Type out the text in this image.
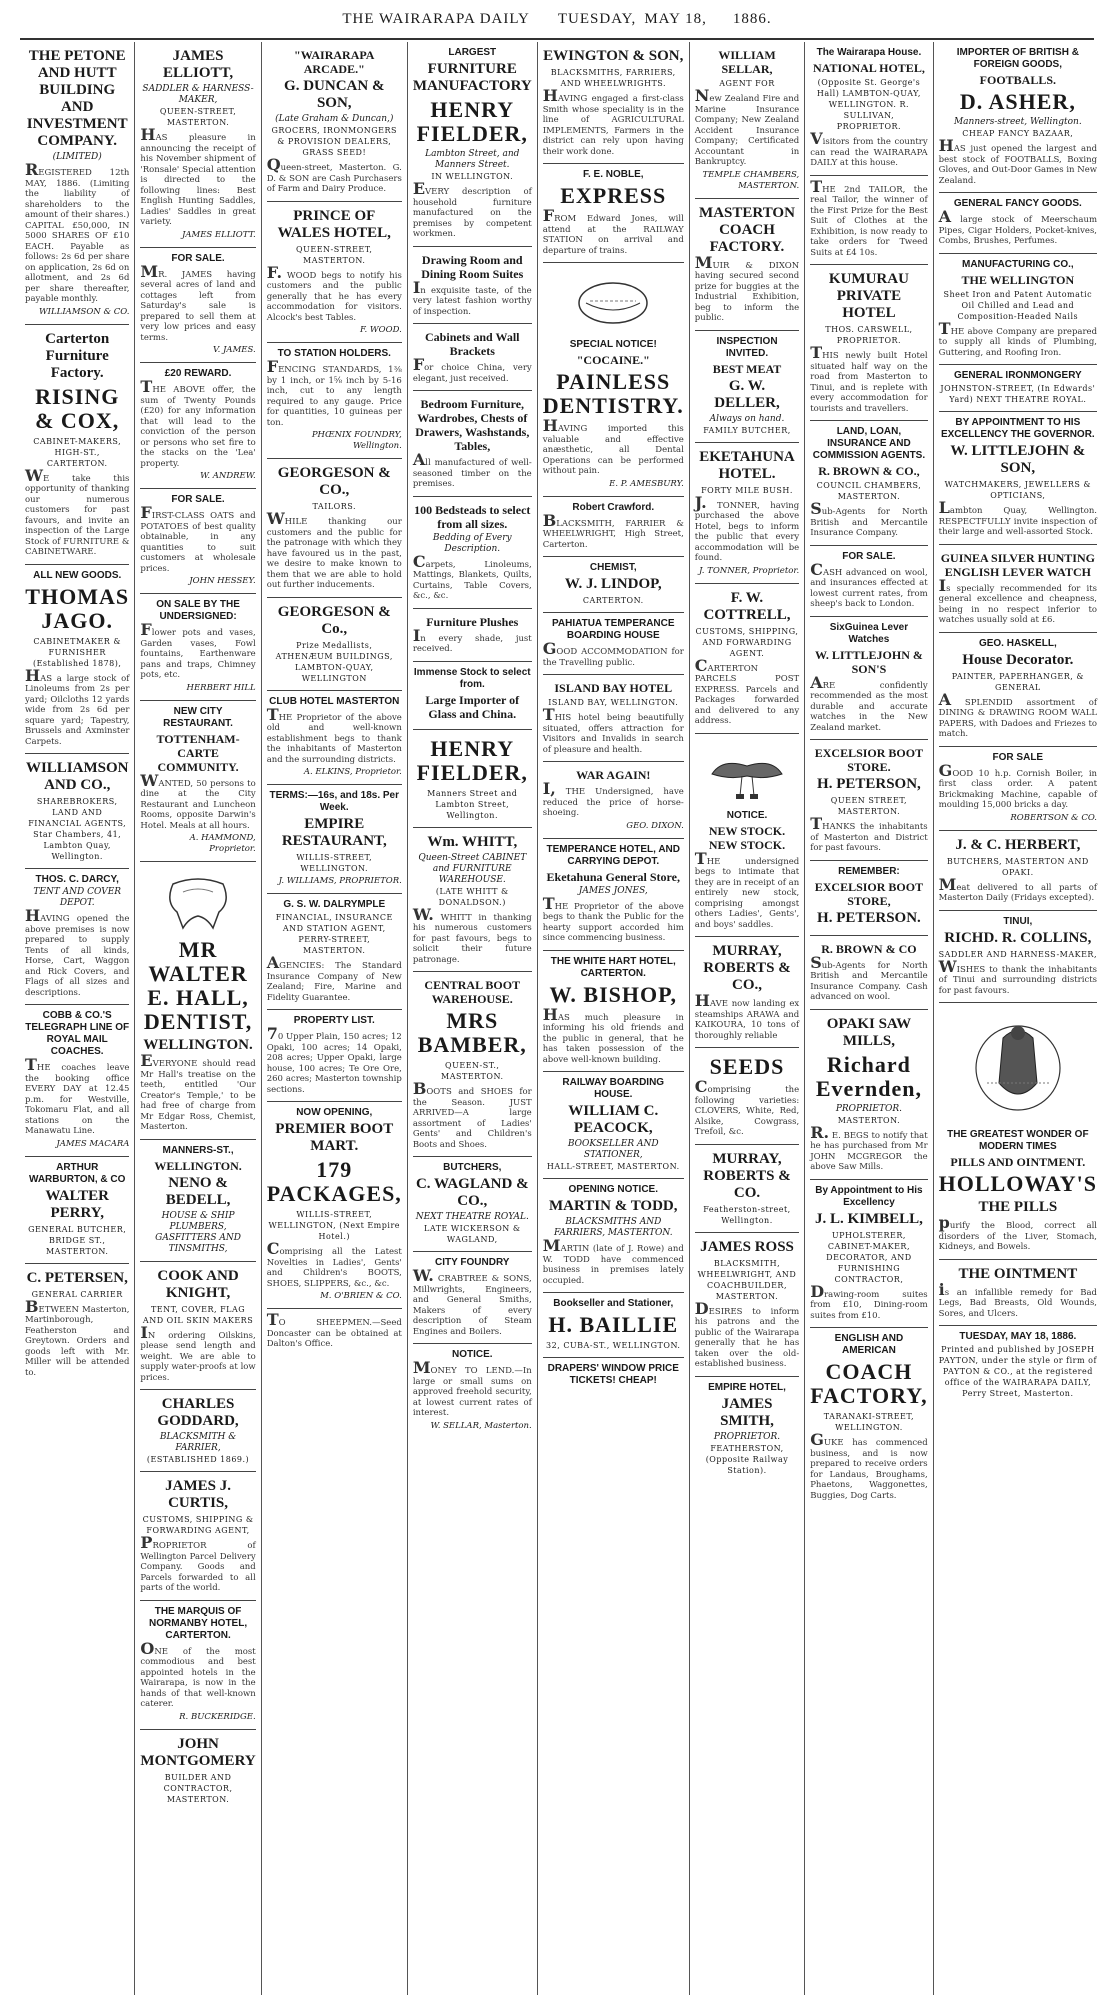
THE WAIRARAPA DAILY TUESDAY, MAY 18, 1886.
THE PETONE AND HUTT BUILDING AND INVESTMENT COMPANY.
(LIMITED)
REGISTERED 12th MAY, 1886. (Limiting the liability of shareholders to the amount of their shares.) CAPITAL £50,000, IN 5000 SHARES OF £10 EACH. Payable as follows: 2s 6d per share on application, 2s 6d on allotment, and 2s 6d per share thereafter, payable monthly.
WILLIAMSON & CO.
Carterton Furniture Factory.
RISING & COX,
CABINET-MAKERS, HIGH-ST., CARTERTON.
WE take this opportunity of thanking our numerous customers for past favours, and invite an inspection of the Large Stock of FURNITURE & CABINETWARE.
ALL NEW GOODS.
THOMAS JAGO.
CABINETMAKER & FURNISHER (Established 1878),
HAS a large stock of Linoleums from 2s per yard; Oilcloths 12 yards wide from 2s 6d per square yard; Tapestry, Brussels and Axminster Carpets.
WILLIAMSON AND CO.,
SHAREBROKERS, LAND AND FINANCIAL AGENTS, Star Chambers, 41, Lambton Quay, Wellington.
THOS. C. DARCY,
TENT AND COVER DEPOT.
HAVING opened the above premises is now prepared to supply Tents of all kinds, Horse, Cart, Waggon and Rick Covers, and Flags of all sizes and descriptions.
COBB & CO.'S TELEGRAPH LINE OF ROYAL MAIL COACHES.
THE coaches leave the booking office EVERY DAY at 12.45 p.m. for Westville, Tokomaru Flat, and all stations on the Manawatu Line.
JAMES MACARA
ARTHUR WARBURTON, & CO
WALTER PERRY,
GENERAL BUTCHER, BRIDGE ST., MASTERTON.
C. PETERSEN,
GENERAL CARRIER
BETWEEN Masterton, Martinborough, Featherston and Greytown. Orders and goods left with Mr. Miller will be attended to.
JAMES ELLIOTT,
SADDLER & HARNESS-MAKER,
QUEEN-STREET, MASTERTON.
HAS pleasure in announcing the receipt of his November shipment of 'Ronsale' Special attention is directed to the following lines: Best English Hunting Saddles, Ladies' Saddles in great variety.
JAMES ELLIOTT.
FOR SALE.
MR. JAMES having several acres of land and cottages left from Saturday's sale is prepared to sell them at very low prices and easy terms.
V. JAMES.
£20 REWARD.
THE ABOVE offer, the sum of Twenty Pounds (£20) for any information that will lead to the conviction of the person or persons who set fire to the stacks on the 'Lea' property.
W. ANDREW.
FOR SALE.
FIRST-CLASS OATS and POTATOES of best quality obtainable, in any quantities to suit customers at wholesale prices.
JOHN HESSEY.
ON SALE BY THE UNDERSIGNED:
Flower pots and vases, Garden vases, Fowl fountains, Earthenware pans and traps, Chimney pots, etc.
HERBERT HILL
NEW CITY RESTAURANT.
TOTTENHAM-CARTE COMMUNITY.
WANTED, 50 persons to dine at the City Restaurant and Luncheon Rooms, opposite Darwin's Hotel. Meals at all hours.
A. HAMMOND, Proprietor.
MR WALTER E. HALL, DENTIST,
WELLINGTON.
EVERYONE should read Mr Hall's treatise on the teeth, entitled 'Our Creator's Temple,' to be had free of charge from Mr Edgar Ross, Chemist, Masterton.
MANNERS-ST.,
WELLINGTON.
NENO & BEDELL,
HOUSE & SHIP PLUMBERS, GASFITTERS AND TINSMITHS,
COOK AND KNIGHT,
TENT, COVER, FLAG AND OIL SKIN MAKERS
IN ordering Oilskins, please send length and weight. We are able to supply water-proofs at low prices.
CHARLES GODDARD,
BLACKSMITH & FARRIER,
(ESTABLISHED 1869.)
JAMES J. CURTIS,
CUSTOMS, SHIPPING & FORWARDING AGENT,
PROPRIETOR of Wellington Parcel Delivery Company. Goods and Parcels forwarded to all parts of the world.
THE MARQUIS OF NORMANBY HOTEL, CARTERTON.
ONE of the most commodious and best appointed hotels in the Wairarapa, is now in the hands of that well-known caterer.
R. BUCKERIDGE.
JOHN MONTGOMERY
BUILDER AND CONTRACTOR, MASTERTON.
"WAIRARAPA ARCADE."
G. DUNCAN & SON,
(Late Graham & Duncan,)
GROCERS, IRONMONGERS & PROVISION DEALERS, GRASS SEED!
Queen-street, Masterton. G. D. & SON are Cash Purchasers of Farm and Dairy Produce.
PRINCE OF WALES HOTEL,
QUEEN-STREET, MASTERTON.
F. WOOD begs to notify his customers and the public generally that he has every accommodation for visitors. Alcock's best Tables.
F. WOOD.
TO STATION HOLDERS.
FENCING STANDARDS, 1⅜ by 1 inch, or 1⅝ inch by 5-16 inch, cut to any length required to any gauge. Price for quantities, 10 guineas per ton.
PHŒNIX FOUNDRY, Wellington.
GEORGESON & CO.,
TAILORS.
WHILE thanking our customers and the public for the patronage with which they have favoured us in the past, we desire to make known to them that we are able to hold out further inducements.
GEORGESON & Co.,
Prize Medallists, ATHENÆUM BUILDINGS, LAMBTON-QUAY, WELLINGTON
CLUB HOTEL MASTERTON
THE Proprietor of the above old and well-known establishment begs to thank the inhabitants of Masterton and the surrounding districts.
A. ELKINS, Proprietor.
TERMS:—16s, and 18s. Per Week.
EMPIRE RESTAURANT,
WILLIS-STREET, WELLINGTON.
J. WILLIAMS, PROPRIETOR.
G. S. W. DALRYMPLE
FINANCIAL, INSURANCE AND STATION AGENT, PERRY-STREET, MASTERTON.
AGENCIES: The Standard Insurance Company of New Zealand; Fire, Marine and Fidelity Guarantee.
PROPERTY LIST.
70 Upper Plain, 150 acres; 12 Opaki, 100 acres; 14 Opaki, 208 acres; Upper Opaki, large house, 100 acres; Te Ore Ore, 260 acres; Masterton township sections.
NOW OPENING,
PREMIER BOOT MART.
179 PACKAGES,
WILLIS-STREET, WELLINGTON, (Next Empire Hotel.)
Comprising all the Latest Novelties in Ladies', Gents' and Children's BOOTS, SHOES, SLIPPERS, &c., &c.
M. O'BRIEN & CO.
TO SHEEPMEN.—Seed Doncaster can be obtained at Dalton's Office.
LARGEST
FURNITURE MANUFACTORY
HENRY FIELDER,
Lambton Street, and Manners Street.
IN WELLINGTON.
EVERY description of household furniture manufactured on the premises by competent workmen.
Drawing Room and Dining Room Suites
In exquisite taste, of the very latest fashion worthy of inspection.
Cabinets and Wall Brackets
For choice China, very elegant, just received.
Bedroom Furniture, Wardrobes, Chests of Drawers, Washstands, Tables,
All manufactured of well-seasoned timber on the premises.
100 Bedsteads to select from all sizes.
Bedding of Every Description.
Carpets, Linoleums, Mattings, Blankets, Quilts, Curtains, Table Covers, &c., &c.
Furniture Plushes
In every shade, just received.
Immense Stock to select from.
Large Importer of Glass and China.
HENRY FIELDER,
Manners Street and Lambton Street, Wellington.
Wm. WHITT,
Queen-Street CABINET and FURNITURE WAREHOUSE.
(LATE WHITT & DONALDSON.)
W. WHITT in thanking his numerous customers for past favours, begs to solicit their future patronage.
CENTRAL BOOT WAREHOUSE.
MRS BAMBER,
QUEEN-ST., MASTERTON.
BOOTS and SHOES for the Season. JUST ARRIVED—A large assortment of Ladies' Gents' and Children's Boots and Shoes.
BUTCHERS,
C. WAGLAND & CO.,
NEXT THEATRE ROYAL.
LATE WICKERSON & WAGLAND,
CITY FOUNDRY
W. CRABTREE & SONS, Millwrights, Engineers, and General Smiths, Makers of every description of Steam Engines and Boilers.
NOTICE.
MONEY TO LEND.—In large or small sums on approved freehold security, at lowest current rates of interest.
W. SELLAR, Masterton.
EWINGTON & SON,
BLACKSMITHS, FARRIERS, AND WHEELWRIGHTS.
HAVING engaged a first-class Smith whose speciality is in the line of AGRICULTURAL IMPLEMENTS, Farmers in the district can rely upon having their work done.
F. E. NOBLE,
EXPRESS
FROM Edward Jones, will attend at the RAILWAY STATION on arrival and departure of trains.
SPECIAL NOTICE!
"COCAINE."
PAINLESS DENTISTRY.
HAVING imported this valuable and effective anæsthetic, all Dental Operations can be performed without pain.
E. P. AMESBURY.
Robert Crawford.
BLACKSMITH, FARRIER & WHEELWRIGHT, High Street, Carterton.
CHEMIST,
W. J. LINDOP,
CARTERTON.
PAHIATUA TEMPERANCE BOARDING HOUSE
GOOD ACCOMMODATION for the Travelling public.
ISLAND BAY HOTEL
ISLAND BAY, WELLINGTON.
THIS hotel being beautifully situated, offers attraction for Visitors and Invalids in search of pleasure and health.
WAR AGAIN!
I, THE Undersigned, have reduced the price of horse-shoeing.
GEO. DIXON.
TEMPERANCE HOTEL, AND CARRYING DEPOT.
Eketahuna General Store,
JAMES JONES,
THE Proprietor of the above begs to thank the Public for the hearty support accorded him since commencing business.
THE WHITE HART HOTEL, CARTERTON.
W. BISHOP,
HAS much pleasure in informing his old friends and the public in general, that he has taken possession of the above well-known building.
RAILWAY BOARDING HOUSE.
WILLIAM C. PEACOCK,
BOOKSELLER AND STATIONER,
HALL-STREET, MASTERTON.
OPENING NOTICE.
MARTIN & TODD,
BLACKSMITHS AND FARRIERS, MASTERTON.
MARTIN (late of J. Rowe) and W. TODD have commenced business in premises lately occupied.
Bookseller and Stationer,
H. BAILLIE
32, CUBA-ST., WELLINGTON.
DRAPERS' WINDOW PRICE TICKETS! CHEAP!
WILLIAM SELLAR,
AGENT FOR
New Zealand Fire and Marine Insurance Company; New Zealand Accident Insurance Company; Certificated Accountant in Bankruptcy.
TEMPLE CHAMBERS, MASTERTON.
MASTERTON COACH FACTORY.
MUIR & DIXON having secured second prize for buggies at the Industrial Exhibition, beg to inform the public.
INSPECTION INVITED.
BEST MEAT
G. W. DELLER,
Always on hand.
FAMILY BUTCHER,
EKETAHUNA HOTEL.
FORTY MILE BUSH.
J. TONNER, having purchased the above Hotel, begs to inform the public that every accommodation will be found.
J. TONNER, Proprietor.
F. W. COTTRELL,
CUSTOMS, SHIPPING, AND FORWARDING AGENT.
CARTERTON PARCELS POST EXPRESS. Parcels and Packages forwarded and delivered to any address.
NOTICE.
NEW STOCK. NEW STOCK.
THE undersigned begs to intimate that they are in receipt of an entirely new stock, comprising amongst others Ladies', Gents', and boys' saddles.
MURRAY, ROBERTS & CO.,
HAVE now landing ex steamships ARAWA and KAIKOURA, 10 tons of thoroughly reliable
SEEDS
Comprising the following varieties: CLOVERS, White, Red, Alsike, Cowgrass, Trefoil, &c.
MURRAY, ROBERTS & CO.
Featherston-street, Wellington.
JAMES ROSS
BLACKSMITH, WHEELWRIGHT, AND COACHBUILDER, MASTERTON.
DESIRES to inform his patrons and the public of the Wairarapa generally that he has taken over the old-established business.
EMPIRE HOTEL,
JAMES SMITH,
PROPRIETOR.
FEATHERSTON, (Opposite Railway Station).
The Wairarapa House.
NATIONAL HOTEL,
(Opposite St. George's Hall) LAMBTON-QUAY, WELLINGTON. R. SULLIVAN, PROPRIETOR.
Visitors from the country can read the WAIRARAPA DAILY at this house.
THE 2nd TAILOR, the real Tailor, the winner of the First Prize for the Best Suit of Clothes at the Exhibition, is now ready to take orders for Tweed Suits at £4 10s.
KUMURAU PRIVATE HOTEL
THOS. CARSWELL, PROPRIETOR.
THIS newly built Hotel situated half way on the road from Masterton to Tinui, and is replete with every accommodation for tourists and travellers.
LAND, LOAN, INSURANCE AND COMMISSION AGENTS.
R. BROWN & CO.,
COUNCIL CHAMBERS, MASTERTON.
Sub-Agents for North British and Mercantile Insurance Company.
FOR SALE.
CASH advanced on wool, and insurances effected at lowest current rates, from sheep's back to London.
SixGuinea Lever Watches
W. LITTLEJOHN & SON'S
ARE confidently recommended as the most durable and accurate watches in the New Zealand market.
EXCELSIOR BOOT STORE.
H. PETERSON,
QUEEN STREET, MASTERTON.
THANKS the inhabitants of Masterton and District for past favours.
REMEMBER:
EXCELSIOR BOOT STORE,
H. PETERSON.
R. BROWN & CO
Sub-Agents for North British and Mercantile Insurance Company. Cash advanced on wool.
OPAKI SAW MILLS,
Richard Evernden,
PROPRIETOR.
MASTERTON.
R. E. BEGS to notify that he has purchased from Mr JOHN MCGREGOR the above Saw Mills.
By Appointment to His Excellency
J. L. KIMBELL,
UPHOLSTERER, CABINET-MAKER, DECORATOR, AND FURNISHING CONTRACTOR,
Drawing-room suites from £10, Dining-room suites from £10.
ENGLISH AND AMERICAN
COACH FACTORY,
TARANAKI-STREET, WELLINGTON.
GUKE has commenced business, and is now prepared to receive orders for Landaus, Broughams, Phaetons, Waggonettes, Buggies, Dog Carts.
IMPORTER OF BRITISH & FOREIGN GOODS,
FOOTBALLS.
D. ASHER,
Manners-street, Wellington.
CHEAP FANCY BAZAAR,
HAS just opened the largest and best stock of FOOTBALLS, Boxing Gloves, and Out-Door Games in New Zealand.
GENERAL FANCY GOODS.
A large stock of Meerschaum Pipes, Cigar Holders, Pocket-knives, Combs, Brushes, Perfumes.
MANUFACTURING CO.,
THE WELLINGTON
Sheet Iron and Patent Automatic Oil Chilled and Lead and Composition-Headed Nails
THE above Company are prepared to supply all kinds of Plumbing, Guttering, and Roofing Iron.
GENERAL IRONMONGERY
JOHNSTON-STREET, (In Edwards' Yard) NEXT THEATRE ROYAL.
BY APPOINTMENT TO HIS EXCELLENCY THE GOVERNOR.
W. LITTLEJOHN & SON,
WATCHMAKERS, JEWELLERS & OPTICIANS,
Lambton Quay, Wellington. RESPECTFULLY invite inspection of their large and well-assorted Stock.
GUINEA SILVER HUNTING ENGLISH LEVER WATCH
Is specially recommended for its general excellence and cheapness, being in no respect inferior to watches usually sold at £6.
GEO. HASKELL,
House Decorator.
PAINTER, PAPERHANGER, & GENERAL
A SPLENDID assortment of DINING & DRAWING ROOM WALL PAPERS, with Dadoes and Friezes to match.
FOR SALE
GOOD 10 h.p. Cornish Boiler, in first class order. A patent Brickmaking Machine, capable of moulding 15,000 bricks a day.
ROBERTSON & CO.
J. & C. HERBERT,
BUTCHERS, MASTERTON AND OPAKI.
Meat delivered to all parts of Masterton Daily (Fridays excepted).
TINUI,
RICHD. R. COLLINS,
SADDLER AND HARNESS-MAKER,
WISHES to thank the inhabitants of Tinui and surrounding districts for past favours.
THE GREATEST WONDER OF MODERN TIMES
PILLS AND OINTMENT.
HOLLOWAY'S
THE PILLS
purify the Blood, correct all disorders of the Liver, Stomach, Kidneys, and Bowels.
THE OINTMENT
is an infallible remedy for Bad Legs, Bad Breasts, Old Wounds, Sores, and Ulcers.
TUESDAY, MAY 18, 1886.
Printed and published by JOSEPH PAYTON, under the style or firm of PAYTON & CO., at the registered office of the WAIRARAPA DAILY, Perry Street, Masterton.
